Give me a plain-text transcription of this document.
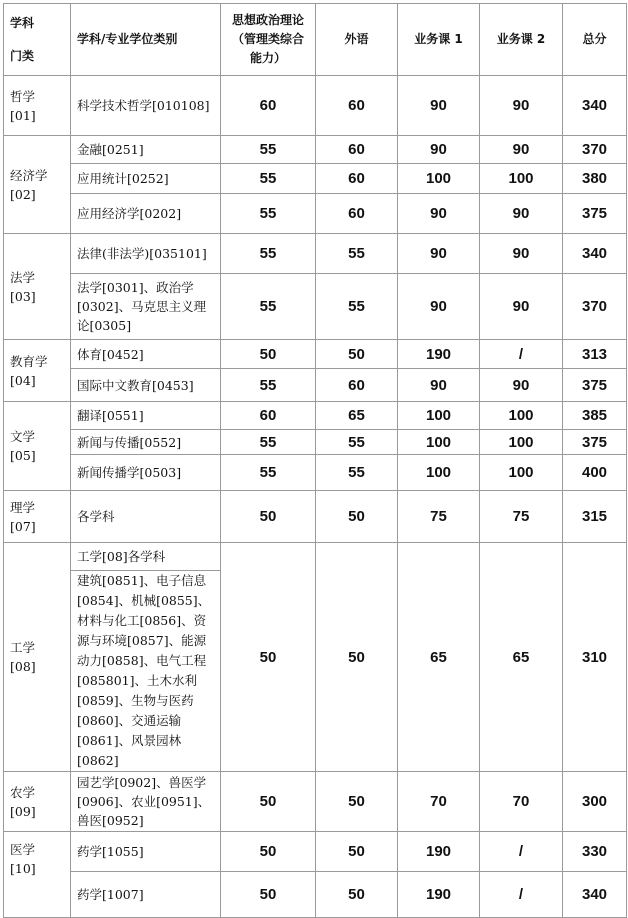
学科
门类	学科/专业学位类别	思想政治理论
（管理类综合
能力）	外语	业务课 1	业务课 2	总分

哲学
[01]	科学技术哲学[010108]	60	60	90	90	340

经济学
[02]	金融[0251]	55	60	90	90	370
	应用统计[0252]	55	60	100	100	380
	应用经济学[0202]	55	60	90	90	375

法学
[03]	法律(非法学)[035101]	55	55	90	90	340
	法学[0301]、政治学[0302]、马克思主义理论[0305]	55	55	90	90	370

教育学
[04]	体育[0452]	50	50	190	/	313
	国际中文教育[0453]	55	60	90	90	375

文学
[05]	翻译[0551]	60	65	100	100	385
	新闻与传播[0552]	55	55	100	100	375
	新闻传播学[0503]	55	55	100	100	400

理学
[07]	各学科	50	50	75	75	315

工学
[08]	工学[08]各学科	50	50	65	65	310
	建筑[0851]、电子信息[0854]、机械[0855]、材料与化工[0856]、资源与环境[0857]、能源动力[0858]、电气工程[085801]、土木水利[0859]、生物与医药[0860]、交通运输[0861]、风景园林[0862]					

农学
[09]	园艺学[0902]、兽医学[0906]、农业[0951]、兽医[0952]	50	50	70	70	300

医学
[10]	药学[1055]	50	50	190	/	330
	药学[1007]	50	50	190	/	340
